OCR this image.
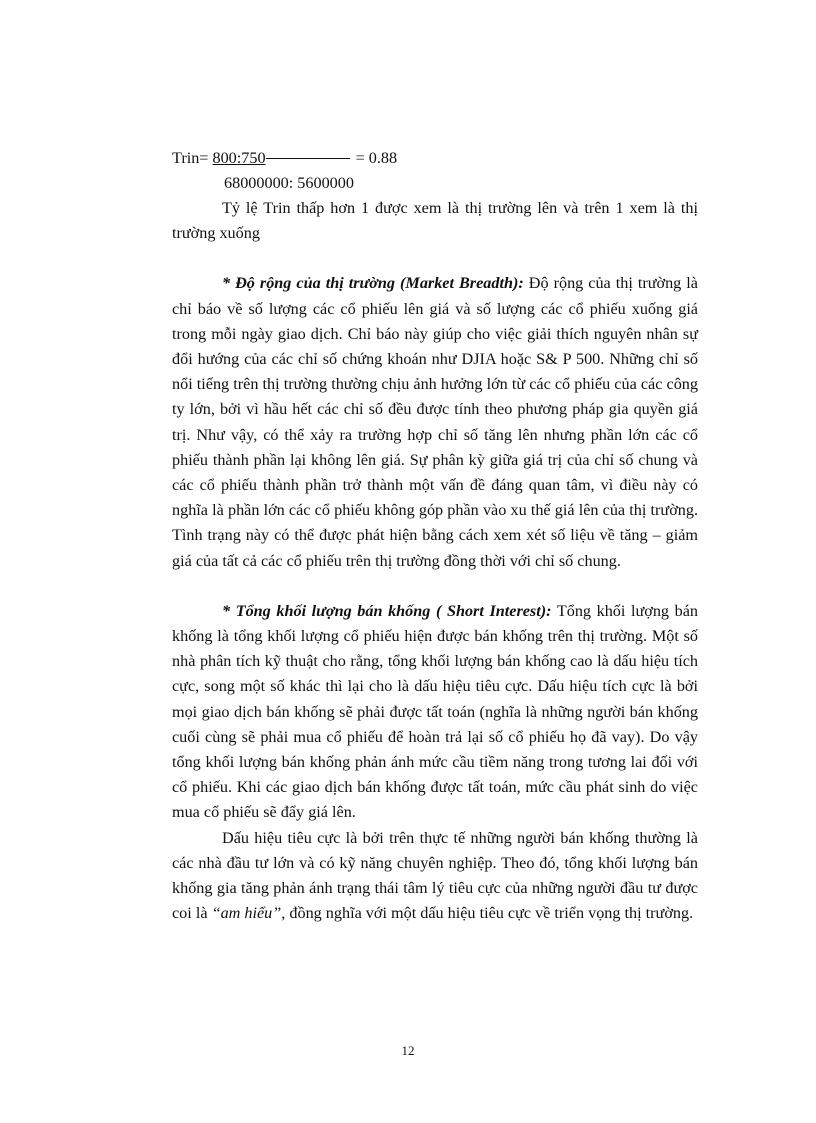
Trin= 800:750	= 0.88
68000000: 5600000

Tỷ lệ Trin thấp hơn 1 được xem là thị trường lên và trên 1 xem là thị trường xuống

* Độ rộng của thị trường (Market Breadth): Độ rộng của thị trường là chỉ báo về số lượng các cổ phiếu lên giá và số lượng các cổ phiếu xuống giá trong mỗi ngày giao dịch. Chỉ báo này giúp cho việc giải thích nguyên nhân sự đổi hướng của các chỉ số chứng khoán như DJIA hoặc S& P 500. Những chỉ số nổi tiếng trên thị trường thường chịu ảnh hưởng lớn từ các cổ phiếu của các công ty lớn, bởi vì hầu hết các chỉ số đều được tính theo phương pháp gia quyền giá trị. Như vậy, có thể xảy ra trường hợp chỉ số tăng lên nhưng phần lớn các cổ phiếu thành phần lại không lên giá. Sự phân kỳ giữa giá trị của chỉ số chung và các cổ phiếu thành phần trở thành một vấn đề đáng quan tâm, vì điều này có nghĩa là phần lớn các cổ phiếu không góp phần vào xu thế giá lên của thị trường. Tình trạng này có thể được phát hiện bằng cách xem xét số liệu về tăng – giảm giá của tất cả các cổ phiếu trên thị trường đồng thời với chỉ số chung.

* Tổng khối lượng bán khống ( Short Interest): Tổng khối lượng bán khống là tổng khối lượng cổ phiếu hiện được bán khống trên thị trường. Một số nhà phân tích kỹ thuật cho rằng, tổng khối lượng bán khống cao là dấu hiệu tích cực, song một số khác thì lại cho là dấu hiệu tiêu cực. Dấu hiệu tích cực là bởi mọi giao dịch bán khống sẽ phải được tất toán (nghĩa là những người bán khống cuối cùng sẽ phải mua cổ phiếu để hoàn trả lại số cổ phiếu họ đã vay). Do vậy tổng khối lượng bán khống phản ánh mức cầu tiềm năng trong tương lai đối với cổ phiếu. Khi các giao dịch bán khống được tất toán, mức cầu phát sinh do việc mua cổ phiếu sẽ đẩy giá lên.

Dấu hiệu tiêu cực là bởi trên thực tế những người bán khống thường là các nhà đầu tư lớn và có kỹ năng chuyên nghiệp. Theo đó, tổng khối lượng bán khống gia tăng phản ánh trạng thái tâm lý tiêu cực của những người đầu tư được coi là “am hiểu”, đồng nghĩa với một dấu hiệu tiêu cực về triển vọng thị trường.

12
